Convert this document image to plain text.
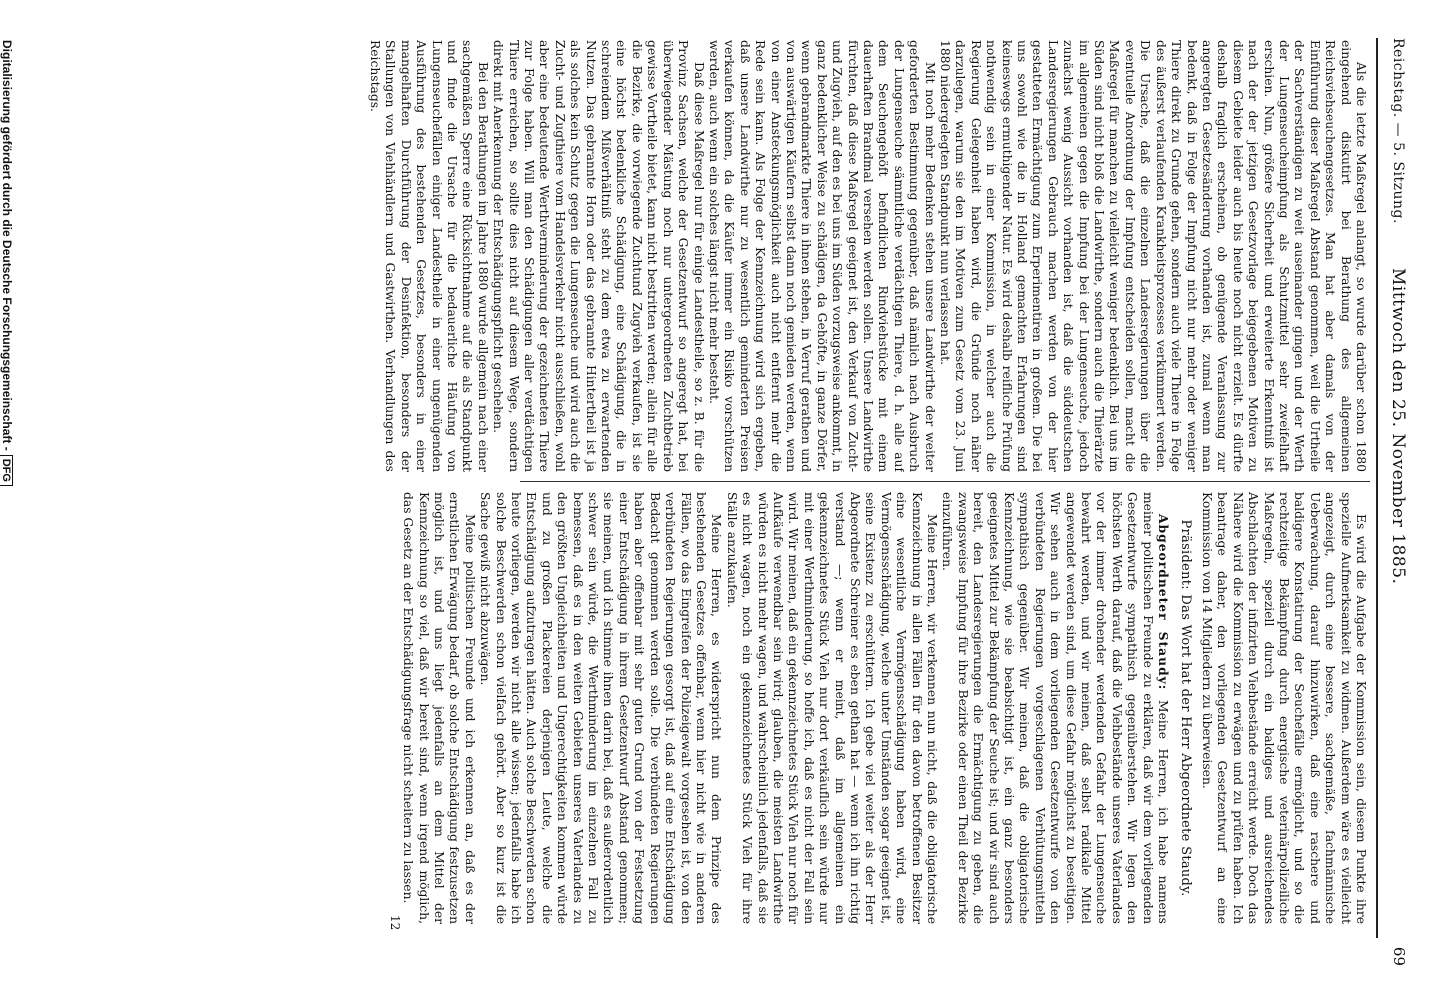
Reichstag. — 5. Sitzung.
Mittwoch den 25. November 1885.
69

Als die letzte Maßregel anlangt, so wurde darüber schon 1880 eingehend diskutirt bei Berathung des allgemeinen Reichsviehseuchengesetzes. Man hat aber damals von der Einführung dieser Maßregel Abstand genommen, weil die Urtheile der Sachverständigen zu weit auseinander gingen und der Werth der Lungenseucheimpfung als Schutzmittel sehr zweifelhaft erschien. Nun, größere Sicherheit und erweiterte Erkenntniß ist nach der der jetzigen Gesetzvorlage beigegebenen Motiven zu diesem Gebiete leider auch bis heute noch nicht erzielt. Es dürfte deshalb fraglich erscheinen, ob genügende Veranlassung zur angeregten Gesetzesänderung vorhanden ist, zumal wenn man bedenkt, daß in Folge der Impfung nicht nur mehr oder weniger Thiere direkt zu Grunde gehen, sondern auch viele Thiere in Folge des äußerst verlaufenden Krankheitsprozesses verkümmert werden. Die Ursache, daß die einzelnen Landesregierungen über die eventuelle Anordnung der Impfung entscheiden sollen, macht die Maßregel für manchen zu vielleicht weniger bedenklich. Bei uns im Süden sind nicht bloß die Landwirthe, sondern auch die Thierärzte im allgemeinen gegen die Impfung bei der Lungenseuche, jedoch zunächst wenig Aussicht vorhanden ist, daß die süddeutschen Landesregierungen Gebrauch machen werden von der hier gestatteten Ermächtigung zum Erperimentiren in großem. Die bei uns sowohl wie die in Holland gemachten Erfahrungen sind keineswegs ermuthigender Natur. Es wird deshalb reifliche Prüfung nothwendig sein in einer Kommission, in welcher auch die Regierung Gelegenheit haben wird, die Gründe noch näher darzulegen, warum sie den im Motiven zum Gesetz vom 23. Juni 1880 niedergelegten Standpunkt nun verlassen hat.

Mit noch mehr Bedenken stehen unsere Landwirthe der weiter geforderten Bestimmung gegenüber, daß nämlich nach Ausbruch der Lungenseuche sämmtliche verdächtigen Thiere, d. h. alle auf dem Seuchengehöft befindlichen Rindviehstücke mit einem dauerhaften Brandmal versehen werden sollen. Unsere Landwirthe fürchten, daß diese Maßregel geeignet ist, den Verkauf von Zucht- und Zugvieh, auf den es bei uns im Süden vorzugsweise ankommt, in ganz bedenklicher Weise zu schädigen, da Gehöfte, in ganze Dörfer, wenn gebrandmarkte Thiere in ihnen stehen, in Verruf gerathen und von auswärtigen Käufern selbst dann noch gemieden werden, wenn von einer Ansteckungsmöglichkeit auch nicht entfernt mehr die Rede sein kann. Als Folge der Kennzeichnung wird sich ergeben, daß unsere Landwirthe nur zu wesentlich geminderten Preisen verkaufen können, da die Käufer immer ein Risiko vorschützen werden, auch wenn ein solches längst nicht mehr besteht.

Daß diese Maßregel nur für einige Landestheile, so z. B. für die Provinz Sachsen, welche der Gesetzentwurf so angeregt hat, bei überwiegender Mästung noch nur untergeordneten Zuchtbetrieb gewisse Vortheile bietet, kann nicht bestritten werden; allein für alle die Bezirke, die vorwiegende Zuchtund Zugvieh verkaufen, ist sie eine höchst bedenkliche Schädigung, eine Schädigung, die in schreiendem Mißverhältniß steht zu dem etwa zu erwartenden Nutzen. Das gebrannte Horn oder das gebrannte Hintertheil ist ja als solches kein Schutz gegen die Lungenseuche und wird auch die Zucht- und Zugthiere vom Handelsverkehr nicht ausschließen, wohl aber eine bedeutende Werthverminderung der gezeichneten Thiere zur Folge haben. Will man den Schädigungen aller verdächtigen Thiere erreichen, so sollte dies nicht auf diesem Wege, sondern direkt mit Anerkennung der Entschädigungspflicht geschehen.

Bei den Berathungen im Jahre 1880 wurde allgemein nach einer sachgemäßen Sperre eine Rücksichtnahme auf die als Standpunkt und finde die Ursache für die bedauerliche Häufung von Lungenseuchefällen einiger Landestheile in einer ungenügenden Ausführung des bestehenden Gesetzes, besonders in einer mangelhaften Durchführung der Desinfektion, besonders der Stallungen von Viehhändlern und Gastwirthen. Verhandlungen des Reichstags.

Es wird die Aufgabe der Kommission sein, diesem Punkte ihre spezielle Aufmerksamkeit zu widmen. Außerdem wäre es vielleicht angezeigt, durch eine bessere, sachgemäße, fachmännische Ueberwachung, darauf hinzuwirken, daß eine raschere und baldigere Konstatirung der Seuchefälle ermöglicht, und so die rechtzeitige Bekämpfung durch energische veterinärpolizeiliche Maßregeln, speziell durch ein baldiges und ausreichendes Abschlachten der infizirten Viehbestände erreicht werde. Doch das Nähere wird die Kommission zu erwägen und zu prüfen haben. Ich beantrage daher, den vorliegenden Gesetzentwurf an eine Kommission von 14 Mitgliedern zu überweisen.

Präsident: Das Wort hat der Herr Abgeordnete Staudy.

Abgeordneter Staudy: Meine Herren, ich habe namens meiner politischen Freunde zu erklären, daß wir dem vorliegenden Gesetzentwurfe sympathisch gegenüberstehen. Wir legen den höchsten Werth darauf, daß die Viehbestände unseres Vaterlandes vor der immer drohender werdenden Gefahr der Lungenseuche bewahrt werden, und wir meinen, daß selbst radikale Mittel angewendet werden sind, um diese Gefahr möglichst zu beseitigen. Wir sehen auch in dem vorliegenden Gesetzentwurfe von den verbündeten Regierungen vorgeschlagenen Verhütungsmitteln sympathisch gegenüber. Wir meinen, daß die obligatorische Kennzeichnung, wie sie beabsichtigt ist, ein ganz besonders geeignetes Mittel zur Bekämpfung der Seuche ist; und wir sind auch bereit, den Landesregierungen die Ermächtigung zu geben, die zwangsweise Impfung für ihre Bezirke oder einen Theil der Bezirke einzuführen.

Meine Herren, wir verkennen nun nicht, daß die obligatorische Kennzeichnung in allen Fällen für den davon betroffenen Besitzer eine wesentliche Vermögensschädigung haben wird, eine Vermögensschädigung, welche unter Umständen sogar geeignet ist, seine Existenz zu erschüttern. Ich gebe viel weiter als der Herr Abgeordnete Schreiner es eben gethan hat — wenn ich ihn richtig verstand —; wenn er meint, daß im allgemeinen ein gekennzeichnetes Stück Vieh nur dort verkäuflich sein würde nur mit einer Werthminderung, so hoffe ich, daß es nicht der Fall sein wird. Wir meinen, daß ein gekennzeichnetes Stück Vieh nur noch für Aufkäufe verwendbar sein wird; glauben, die meisten Landwirthe würden es nicht mehr wagen, und wahrscheinlich jedenfalls, daß sie es nicht wagen, noch ein gekennzeichnetes Stück Vieh für ihre Ställe anzukaufen.

Meine Herren, es widerspricht nun dem Prinzipe des bestehenden Gesetzes offenbar, wenn hier nicht wie in anderen Fällen, wo das Eingreifen der Polizeigewalt vorgesehen ist, von den verbündeten Regierungen gesorgt ist, daß auf eine Entschädigung Bedacht genommen werden solle. Die verbündeten Regierungen haben aber offenbar mit sehr guten Grund von der Festsetzung einer Entschädigung in ihrem Gesetzentwurf Abstand genommen; sie meinen, und ich stimme ihnen darin bei, daß es außerordentlich schwer sein würde, die Werthminderung im einzelnen Fall zu bemessen, daß es in den weiten Gebieten unseres Vaterlandes zu den größten Ungleichheiten und Ungerechtigkeiten kommen würde und zu großen Plackereien derjenigen Leute, welche die Entschädigung aufzutragen hätten. Auch solche Beschwerden schon heute vorliegen, werden wir nicht alle wissen; jedenfalls habe ich solche Beschwerden schon vielfach gehört. Aber so kurz ist die Sache gewiß nicht abzuwägen.

Meine politischen Freunde und ich erkennen an, daß es der ernstlichen Erwägung bedarf, ob solche Entschädigung festzusetzen möglich ist, und uns liegt jedenfalls an dem Mittel der Kennzeichnung so viel, daß wir bereit sind, wenn irgend möglich, das Gesetz an der Entschädigungsfrage nicht scheitern zu lassen.

12
Digitalisierung gefördert durch die Deutsche Forschungsgemeinschaft -DFG
